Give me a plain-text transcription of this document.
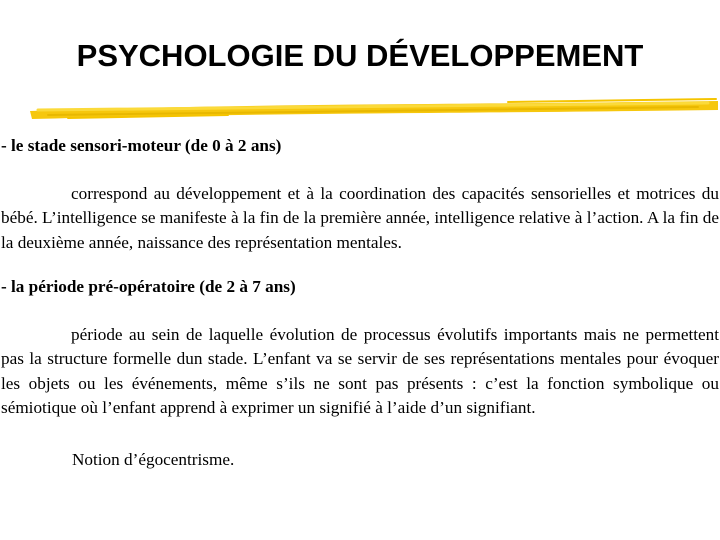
PSYCHOLOGIE DU DÉVELOPPEMENT

- le stade sensori-moteur (de 0 à 2 ans)

correspond au développement et à la coordination des capacités sensorielles et motrices du bébé. L’intelligence se manifeste à la fin de la première année, intelligence relative à l’action. A la fin de la deuxième année, naissance des représentation mentales.

- la période pré-opératoire (de 2 à 7 ans)

période au sein de laquelle évolution de processus évolutifs importants mais ne permettent pas la structure formelle dun stade. L’enfant va se servir de ses représentations mentales pour évoquer les objets ou les événements, même s’ils ne sont pas présents : c’est la fonction symbolique ou sémiotique où l’enfant apprend à exprimer un signifié à l’aide d’un signifiant.

Notion d’égocentrisme.
